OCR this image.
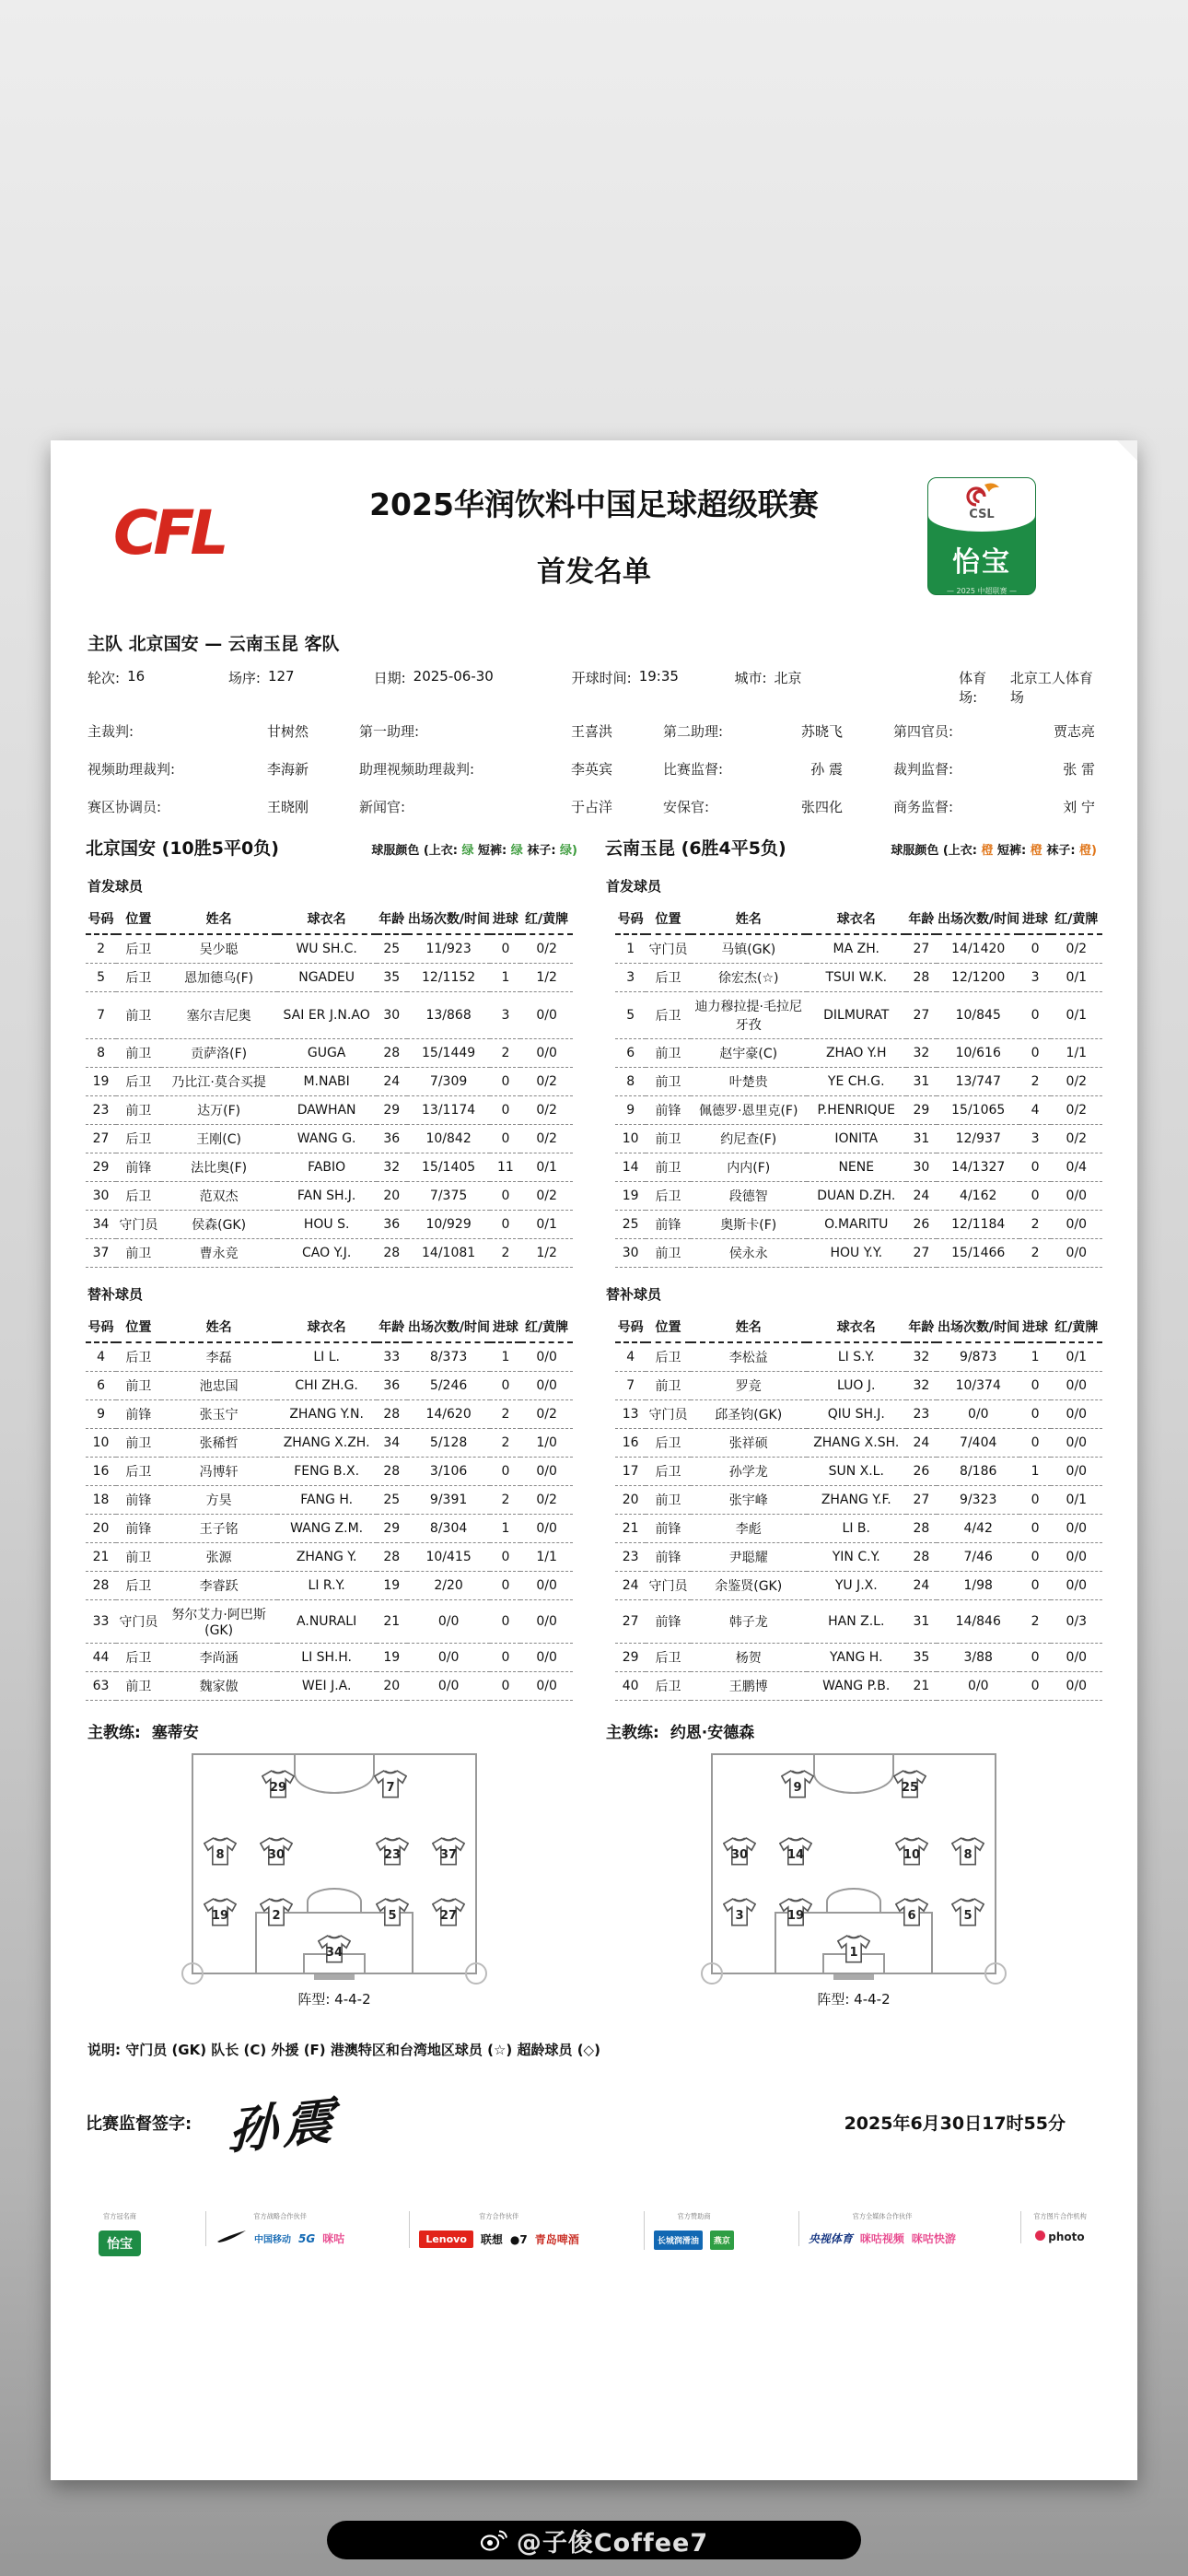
CFL	2025华润饮料中国足球超级联赛
首发名单
CSL
怡宝
— 2025 中超联赛 —
主队 北京国安 — 云南玉昆 客队
轮次: 16	场序: 127	日期: 2025-06-30	开球时间: 19:35	城市: 北京	体育场:
北京工人体育场
主裁判:	甘树然	第一助理:	王喜洪	第二助理:	苏晓飞	第四官员:	贾志亮
视频助理裁判:	李海新	助理视频助理裁判:	李英宾	比赛监督:	孙 震	裁判监督:	张 雷
赛区协调员:	王晓刚	新闻官:	于占洋	安保官:	张四化	商务监督:	刘 宁
北京国安 (10胜5平0负)	球服颜色 (上衣: 绿 短裤: 绿 袜子: 绿) 云南玉昆 (6胜4平5负)	球服颜色 (上衣: 橙 短裤: 橙 袜子: 橙)
首发球员	首发球员
号码	位置	姓名	球衣名	年龄	出场次数/时间	进球	红/黄牌		号码	位置	姓名	球衣名	年龄	出场次数/时间	进球	红/黄牌
2	后卫	吴少聪	WU SH.C.	25	11/923	0	0/2		1	守门员	马镇(GK)	MA ZH.	27	14/1420	0	0/2
5	后卫	恩加德乌(F)	NGADEU	35	12/1152	1	1/2		3	后卫	徐宏杰(☆)	TSUI W.K.	28	12/1200	3	0/1
7	前卫	塞尔吉尼奥	SAI ER J.N.AO	30	13/868	3	0/0		5	后卫	迪力穆拉提·毛拉尼牙孜	DILMURAT	27	10/845	0	0/1
8	前卫	贡萨洛(F)	GUGA	28	15/1449	2	0/0		6	前卫	赵宇豪(C)	ZHAO Y.H	32	10/616	0	1/1
19	后卫	乃比江·莫合买提	M.NABI	24	7/309	0	0/2		8	前卫	叶楚贵	YE CH.G.	31	13/747	2	0/2
23	前卫	达万(F)	DAWHAN	29	13/1174	0	0/2		9	前锋	佩德罗·恩里克(F)	P.HENRIQUE	29	15/1065	4	0/2
27	后卫	王刚(C)	WANG G.	36	10/842	0	0/2		10	前卫	约尼查(F)	IONITA	31	12/937	3	0/2
29	前锋	法比奥(F)	FABIO	32	15/1405	11	0/1		14	前卫	内内(F)	NENE	30	14/1327	0	0/4
30	后卫	范双杰	FAN SH.J.	20	7/375	0	0/2		19	后卫	段德智	DUAN D.ZH.	24	4/162	0	0/0
34	守门员	侯森(GK)	HOU S.	36	10/929	0	0/1		25	前锋	奥斯卡(F)	O.MARITU	26	12/1184	2	0/0
37	前卫	曹永竞	CAO Y.J.	28	14/1081	2	1/2		30	前卫	侯永永	HOU Y.Y.	27	15/1466	2	0/0
替补球员	替补球员
号码	位置	姓名	球衣名	年龄	出场次数/时间	进球	红/黄牌		号码	位置	姓名	球衣名	年龄	出场次数/时间	进球	红/黄牌
4	后卫	李磊	LI L.	33	8/373	1	0/0		4	后卫	李松益	LI S.Y.	32	9/873	1	0/1
6	前卫	池忠国	CHI ZH.G.	36	5/246	0	0/0		7	前卫	罗竞	LUO J.	32	10/374	0	0/0
9	前锋	张玉宁	ZHANG Y.N.	28	14/620	2	0/2		13	守门员	邱圣钧(GK)	QIU SH.J.	23	0/0	0	0/0
10	前卫	张稀哲	ZHANG X.ZH.	34	5/128	2	1/0		16	后卫	张祥硕	ZHANG X.SH.	24	7/404	0	0/0
16	后卫	冯博轩	FENG B.X.	28	3/106	0	0/0		17	后卫	孙学龙	SUN X.L.	26	8/186	1	0/0
18	前锋	方昊	FANG H.	25	9/391	2	0/2		20	前卫	张宇峰	ZHANG Y.F.	27	9/323	0	0/1
20	前锋	王子铭	WANG Z.M.	29	8/304	1	0/0		21	前锋	李彪	LI B.	28	4/42	0	0/0
21	前卫	张源	ZHANG Y.	28	10/415	0	1/1		23	前锋	尹聪耀	YIN C.Y.	28	7/46	0	0/0
28	后卫	李睿跃	LI R.Y.	19	2/20	0	0/0		24	守门员	余鉴贤(GK)	YU J.X.	24	1/98	0	0/0
33	守门员	努尔艾力·阿巴斯(GK)	A.NURALI	21	0/0	0	0/0		27	前锋	韩子龙	HAN Z.L.	31	14/846	2	0/3
44	后卫	李尚涵	LI SH.H.	19	0/0	0	0/0		29	后卫	杨贺	YANG H.	35	3/88	0	0/0
63	前卫	魏家傲	WEI J.A.	20	0/0	0	0/0		40	后卫	王鹏博	WANG P.B.	21	0/0	0	0/0
主教练: 塞蒂安	主教练: 约恩·安德森
29	7
8	30	23	37
19	2	5	27
34
阵型: 4-4-2
9	25
30	14	10	8
3	19	6	5
1
阵型: 4-4-2
说明: 守门员 (GK) 队长 (C) 外援 (F) 港澳特区和台湾地区球员 (☆) 超龄球员 (◇)
比赛监督签字: 孙震	2025年6月30日17时55分
官方冠名商
怡宝
官方战略合作伙伴
中国移动 5G 咪咕
官方合作伙伴
Lenovo	联想 ●7 青岛啤酒
官方赞助商
长城润滑油	燕京
官方全媒体合作伙伴
央视体育 咪咕视频 咪咕快游
官方图片合作机构
photo
@子俊Coffee7
